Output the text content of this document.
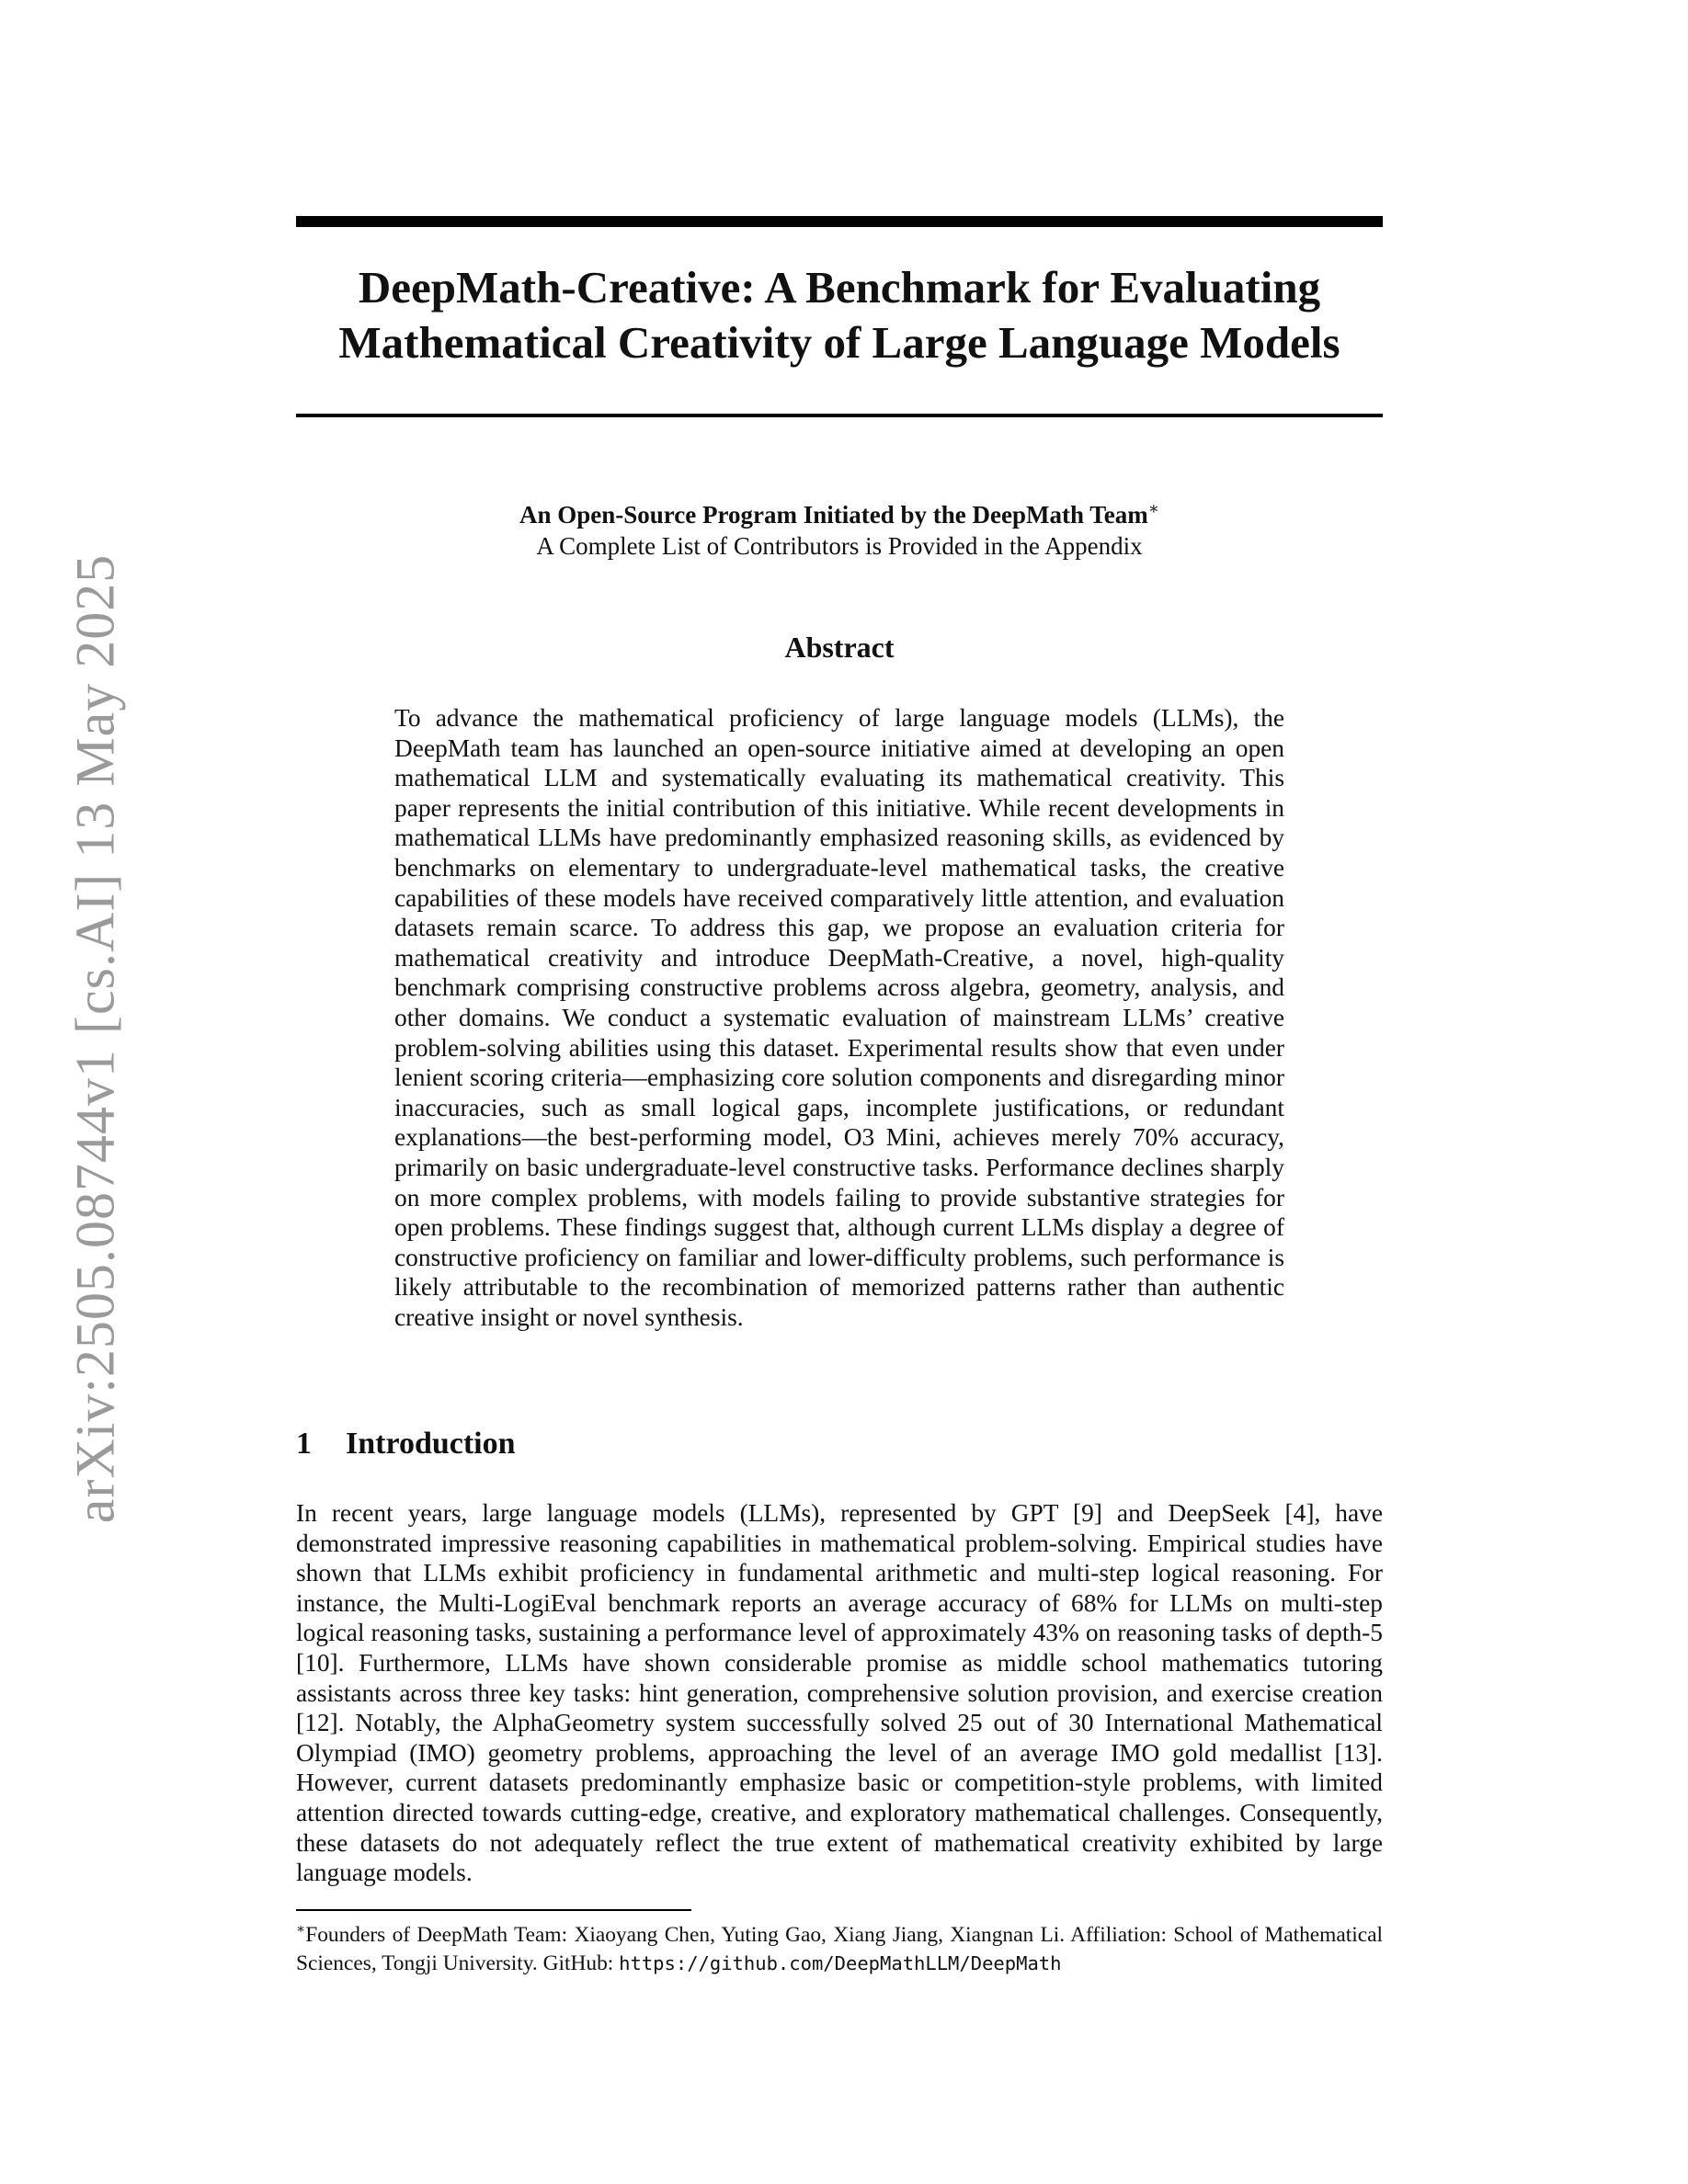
arXiv:2505.08744v1 [cs.AI] 13 May 2025
DeepMath-Creative: A Benchmark for Evaluating
Mathematical Creativity of Large Language Models
An Open-Source Program Initiated by the DeepMath Team∗
A Complete List of Contributors is Provided in the Appendix
Abstract

To advance the mathematical proficiency of large language models (LLMs), the DeepMath team has launched an open-source initiative aimed at developing an open mathematical LLM and systematically evaluating its mathematical creativity. This paper represents the initial contribution of this initiative. While recent developments in mathematical LLMs have predominantly emphasized reasoning skills, as evidenced by benchmarks on elementary to undergraduate-level mathematical tasks, the creative capabilities of these models have received comparatively little attention, and evaluation datasets remain scarce. To address this gap, we propose an evaluation criteria for mathematical creativity and introduce DeepMath-Creative, a novel, high-quality benchmark comprising constructive problems across algebra, geometry, analysis, and other domains. We conduct a systematic evaluation of mainstream LLMs’ creative problem-solving abilities using this dataset. Experimental results show that even under lenient scoring criteria—emphasizing core solution components and disregarding minor inaccuracies, such as small logical gaps, incomplete justifications, or redundant explanations—the best-performing model, O3 Mini, achieves merely 70% accuracy, primarily on basic undergraduate-level constructive tasks. Performance declines sharply on more complex problems, with models failing to provide substantive strategies for open problems. These findings suggest that, although current LLMs display a degree of constructive proficiency on familiar and lower-difficulty problems, such performance is likely attributable to the recombination of memorized patterns rather than authentic creative insight or novel synthesis.

1 Introduction

In recent years, large language models (LLMs), represented by GPT [9] and DeepSeek [4], have demonstrated impressive reasoning capabilities in mathematical problem-solving. Empirical studies have shown that LLMs exhibit proficiency in fundamental arithmetic and multi-step logical reasoning. For instance, the Multi-LogiEval benchmark reports an average accuracy of 68% for LLMs on multi-step logical reasoning tasks, sustaining a performance level of approximately 43% on reasoning tasks of depth-5 [10]. Furthermore, LLMs have shown considerable promise as middle school mathematics tutoring assistants across three key tasks: hint generation, comprehensive solution provision, and exercise creation [12]. Notably, the AlphaGeometry system successfully solved 25 out of 30 International Mathematical Olympiad (IMO) geometry problems, approaching the level of an average IMO gold medallist [13]. However, current datasets predominantly emphasize basic or competition-style problems, with limited attention directed towards cutting-edge, creative, and exploratory mathematical challenges. Consequently, these datasets do not adequately reflect the true extent of mathematical creativity exhibited by large language models.

∗Founders of DeepMath Team: Xiaoyang Chen, Yuting Gao, Xiang Jiang, Xiangnan Li. Affiliation: School of Mathematical Sciences, Tongji University. GitHub: https://github.com/DeepMathLLM/DeepMath
